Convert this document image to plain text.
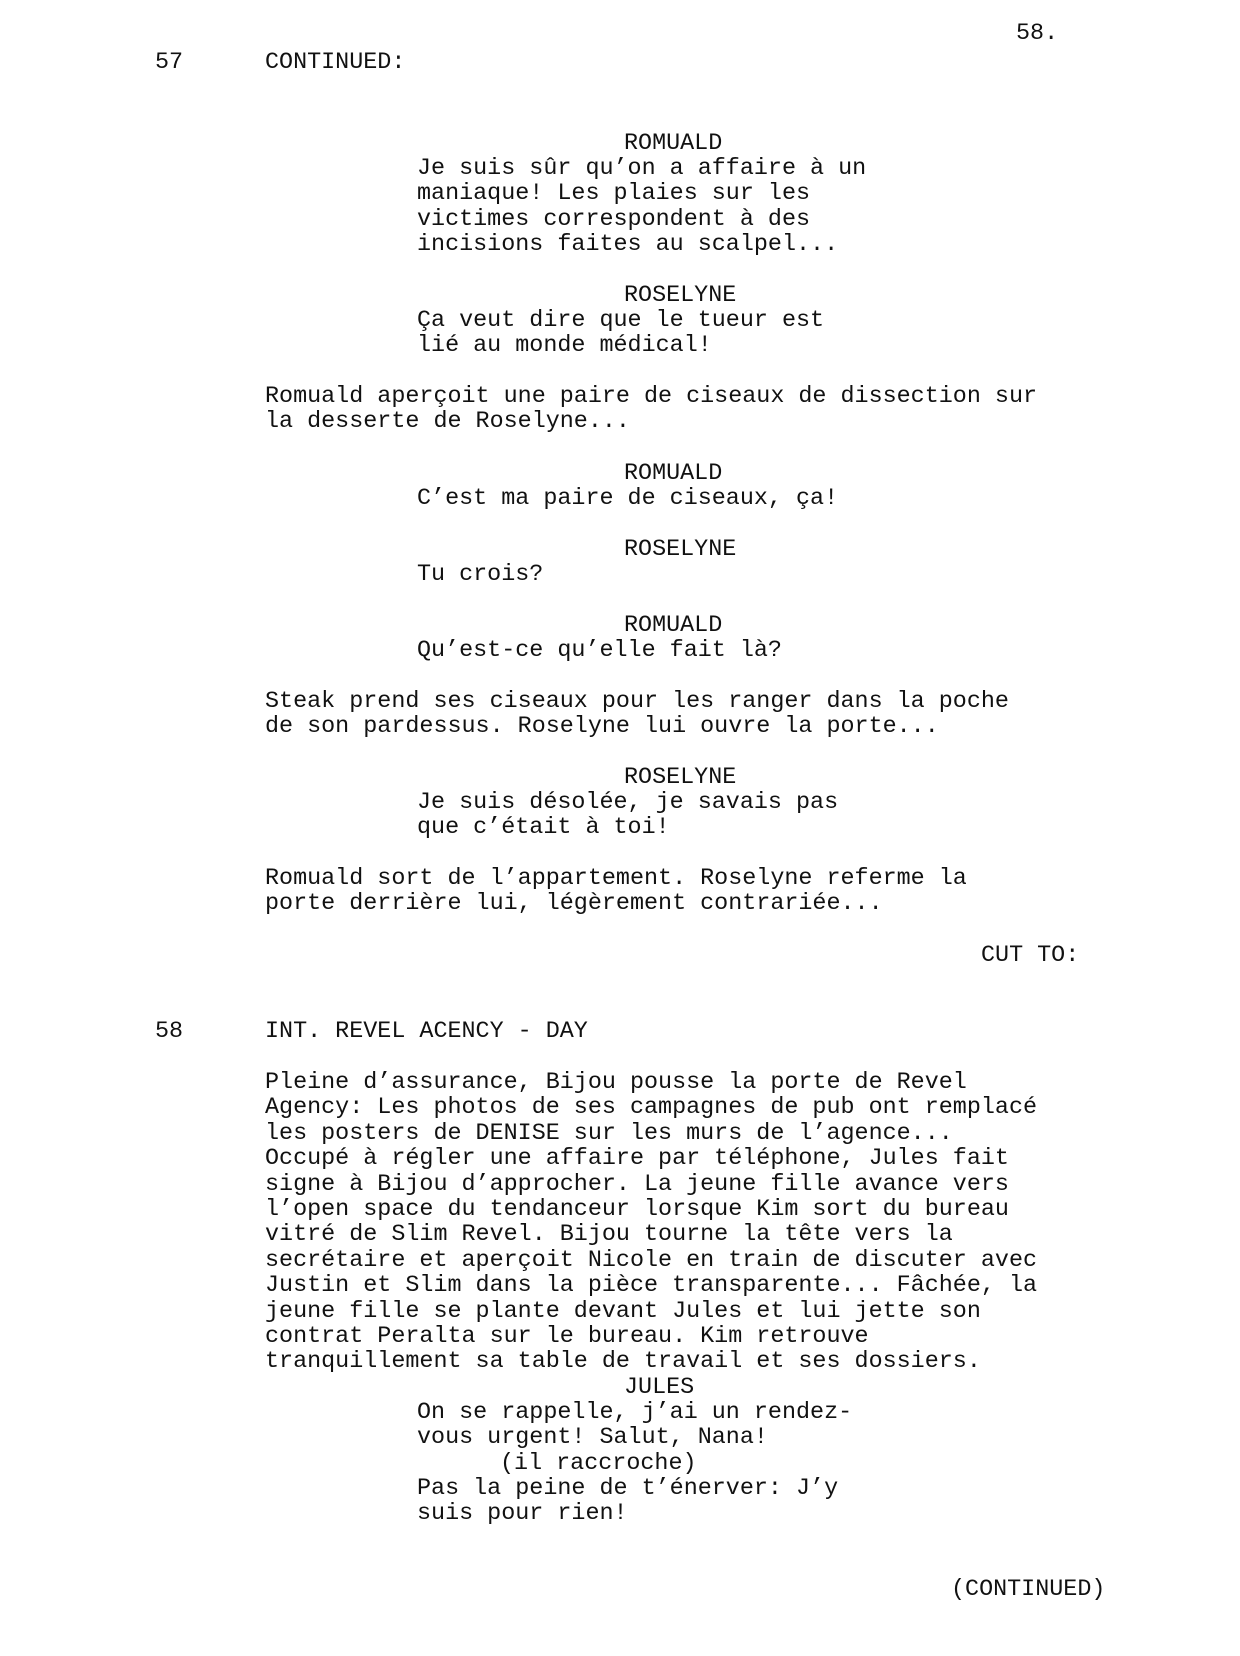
58.
57	CONTINUED:
ROMUALD
Je suis sûr qu’on a affaire à un
maniaque! Les plaies sur les
victimes correspondent à des
incisions faites au scalpel...
ROSELYNE
Ça veut dire que le tueur est
lié au monde médical!
Romuald aperçoit une paire de ciseaux de dissection sur
la desserte de Roselyne...
ROMUALD
C’est ma paire de ciseaux, ça!
ROSELYNE
Tu crois?
ROMUALD
Qu’est-ce qu’elle fait là?
Steak prend ses ciseaux pour les ranger dans la poche
de son pardessus. Roselyne lui ouvre la porte...
ROSELYNE
Je suis désolée, je savais pas
que c’était à toi!
Romuald sort de l’appartement. Roselyne referme la
porte derrière lui, légèrement contrariée...
CUT TO:
58	INT. REVEL ACENCY - DAY
Pleine d’assurance, Bijou pousse la porte de Revel
Agency: Les photos de ses campagnes de pub ont remplacé
les posters de DENISE sur les murs de l’agence...
Occupé à régler une affaire par téléphone, Jules fait
signe à Bijou d’approcher. La jeune fille avance vers
l’open space du tendanceur lorsque Kim sort du bureau
vitré de Slim Revel. Bijou tourne la tête vers la
secrétaire et aperçoit Nicole en train de discuter avec
Justin et Slim dans la pièce transparente... Fâchée, la
jeune fille se plante devant Jules et lui jette son
contrat Peralta sur le bureau. Kim retrouve
tranquillement sa table de travail et ses dossiers.
JULES
On se rappelle, j’ai un rendez-
vous urgent! Salut, Nana!
(il raccroche)
Pas la peine de t’énerver: J’y
suis pour rien!
(CONTINUED)
